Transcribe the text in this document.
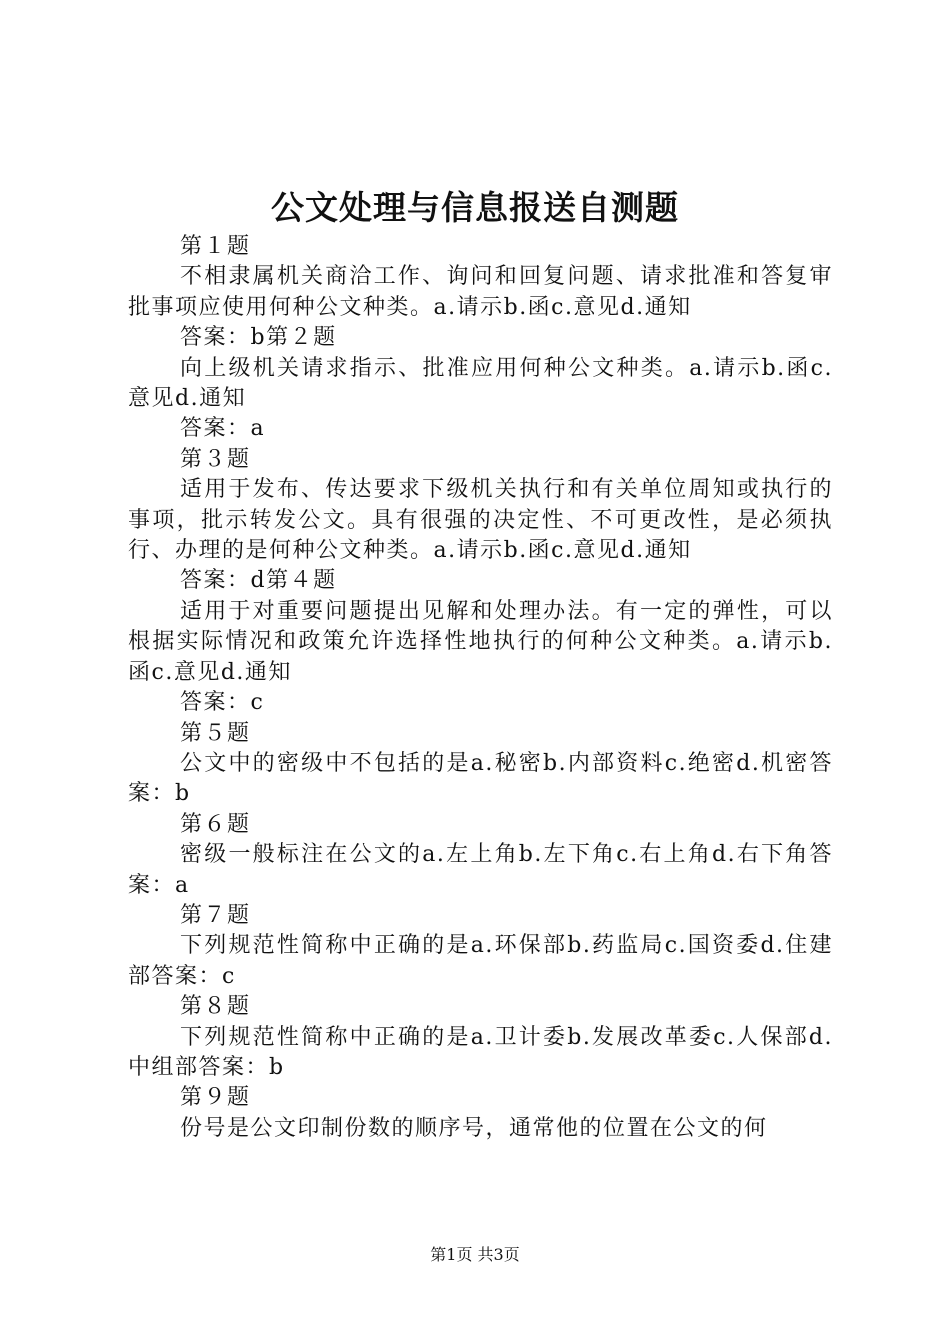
公文处理与信息报送自测题

第１题

不相隶属机关商洽工作、询问和回复问题、请求批准和答复审批事项应使用何种公文种类。a.请示b.函c.意见d.通知

答案：b第２题

向上级机关请求指示、批准应用何种公文种类。a.请示b.函c.意见d.通知

答案：a

第３题

适用于发布、传达要求下级机关执行和有关单位周知或执行的事项，批示转发公文。具有很强的决定性、不可更改性，是必须执行、办理的是何种公文种类。a.请示b.函c.意见d.通知

答案：d第４题

适用于对重要问题提出见解和处理办法。有一定的弹性，可以根据实际情况和政策允许选择性地执行的何种公文种类。a.请示b.函c.意见d.通知

答案：c

第５题

公文中的密级中不包括的是a.秘密b.内部资料c.绝密d.机密答案：b

第６题

密级一般标注在公文的a.左上角b.左下角c.右上角d.右下角答案：a

第７题

下列规范性简称中正确的是a.环保部b.药监局c.国资委d.住建部答案：c

第８题

下列规范性简称中正确的是a.卫计委b.发展改革委c.人保部d.中组部答案：b

第９题

份号是公文印制份数的顺序号，通常他的位置在公文的何

第1页 共3页
